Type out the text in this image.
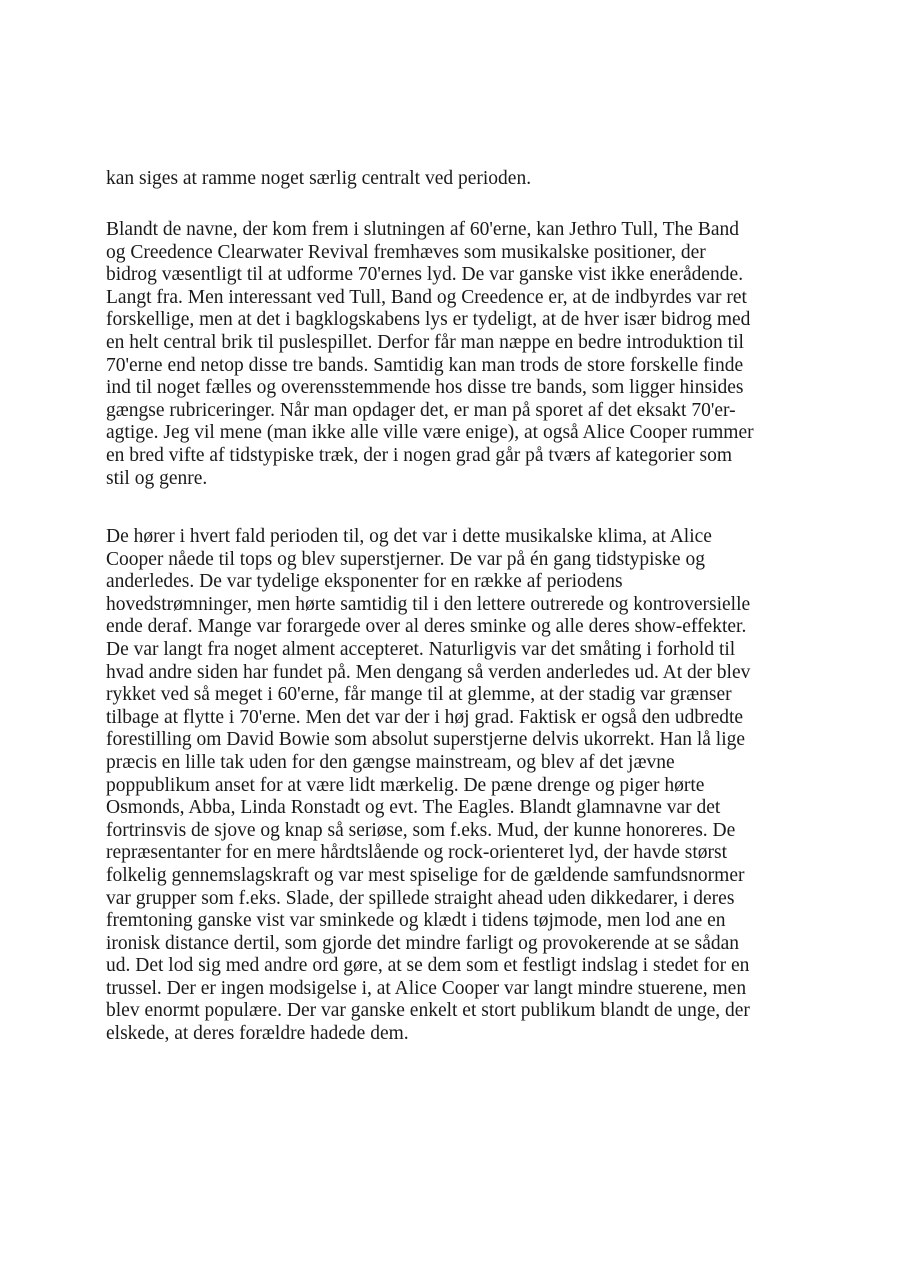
kan siges at ramme noget særlig centralt ved perioden.
Blandt de navne, der kom frem i slutningen af 60'erne, kan Jethro Tull, The Band
og Creedence Clearwater Revival fremhæves som musikalske positioner, der
bidrog væsentligt til at udforme 70'ernes lyd. De var ganske vist ikke enerådende.
Langt fra. Men interessant ved Tull, Band og Creedence er, at de indbyrdes var ret
forskellige, men at det i bagklogskabens lys er tydeligt, at de hver især bidrog med
en helt central brik til puslespillet. Derfor får man næppe en bedre introduktion til
70'erne end netop disse tre bands. Samtidig kan man trods de store forskelle finde
ind til noget fælles og overensstemmende hos disse tre bands, som ligger hinsides
gængse rubriceringer. Når man opdager det, er man på sporet af det eksakt 70'er-
agtige. Jeg vil mene (man ikke alle ville være enige), at også Alice Cooper rummer
en bred vifte af tidstypiske træk, der i nogen grad går på tværs af kategorier som
stil og genre.
De hører i hvert fald perioden til, og det var i dette musikalske klima, at Alice
Cooper nåede til tops og blev superstjerner. De var på én gang tidstypiske og
anderledes. De var tydelige eksponenter for en række af periodens
hovedstrømninger, men hørte samtidig til i den lettere outrerede og kontroversielle
ende deraf. Mange var forargede over al deres sminke og alle deres show-effekter.
De var langt fra noget alment accepteret. Naturligvis var det småting i forhold til
hvad andre siden har fundet på. Men dengang så verden anderledes ud. At der blev
rykket ved så meget i 60'erne, får mange til at glemme, at der stadig var grænser
tilbage at flytte i 70'erne. Men det var der i høj grad. Faktisk er også den udbredte
forestilling om David Bowie som absolut superstjerne delvis ukorrekt. Han lå lige
præcis en lille tak uden for den gængse mainstream, og blev af det jævne
poppublikum anset for at være lidt mærkelig. De pæne drenge og piger hørte
Osmonds, Abba, Linda Ronstadt og evt. The Eagles. Blandt glamnavne var det
fortrinsvis de sjove og knap så seriøse, som f.eks. Mud, der kunne honoreres. De
repræsentanter for en mere hårdtslående og rock-orienteret lyd, der havde størst
folkelig gennemslagskraft og var mest spiselige for de gældende samfundsnormer
var grupper som f.eks. Slade, der spillede straight ahead uden dikkedarer, i deres
fremtoning ganske vist var sminkede og klædt i tidens tøjmode, men lod ane en
ironisk distance dertil, som gjorde det mindre farligt og provokerende at se sådan
ud. Det lod sig med andre ord gøre, at se dem som et festligt indslag i stedet for en
trussel. Der er ingen modsigelse i, at Alice Cooper var langt mindre stuerene, men
blev enormt populære. Der var ganske enkelt et stort publikum blandt de unge, der
elskede, at deres forældre hadede dem.
